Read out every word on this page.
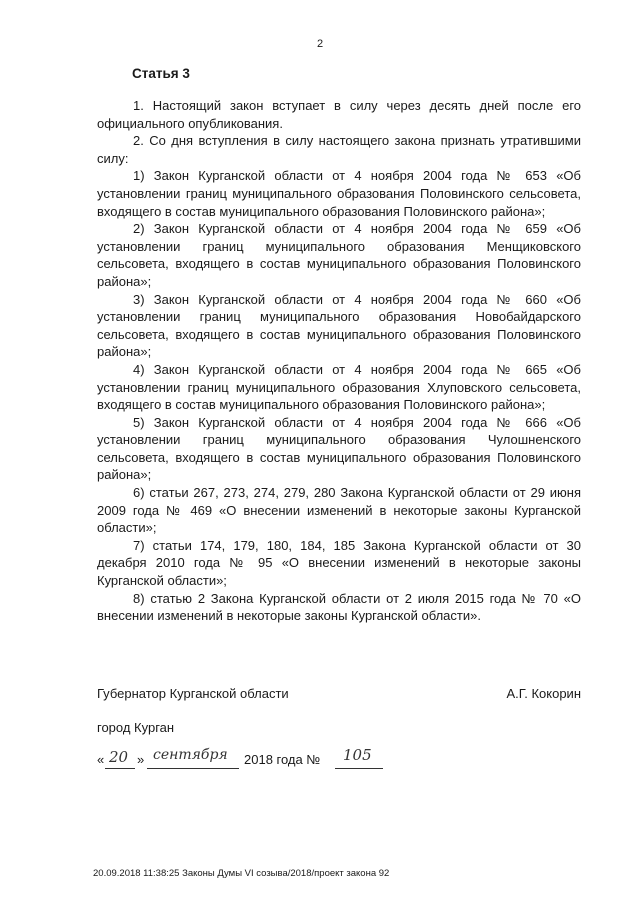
2
Статья 3

1. Настоящий закон вступает в силу через десять дней после его официального опубликования.

2. Со дня вступления в силу настоящего закона признать утратившими силу:

1) Закон Курганской области от 4 ноября 2004 года № 653 «Об установлении границ муниципального образования Половинского сельсовета, входящего в состав муниципального образования Половинского района»;

2) Закон Курганской области от 4 ноября 2004 года № 659 «Об установлении границ муниципального образования Менщиковского сельсовета, входящего в состав муниципального образования Половинского района»;

3) Закон Курганской области от 4 ноября 2004 года № 660 «Об установлении границ муниципального образования Новобайдарского сельсовета, входящего в состав муниципального образования Половинского района»;

4) Закон Курганской области от 4 ноября 2004 года № 665 «Об установлении границ муниципального образования Хлуповского сельсовета, входящего в состав муниципального образования Половинского района»;

5) Закон Курганской области от 4 ноября 2004 года № 666 «Об установлении границ муниципального образования Чулошненского сельсовета, входящего в состав муниципального образования Половинского района»;

6) статьи 267, 273, 274, 279, 280 Закона Курганской области от 29 июня 2009 года № 469 «О внесении изменений в некоторые законы Курганской области»;

7) статьи 174, 179, 180, 184, 185 Закона Курганской области от 30 декабря 2010 года № 95 «О внесении изменений в некоторые законы Курганской области»;

8) статью 2 Закона Курганской области от 2 июля 2015 года № 70 «О внесении изменений в некоторые законы Курганской области».

Губернатор Курганской области	А.Г. Кокорин
город Курган
« 20 » сентября 2018 года № 105
20.09.2018 11:38:25 Законы Думы VI созыва/2018/проект закона 92
